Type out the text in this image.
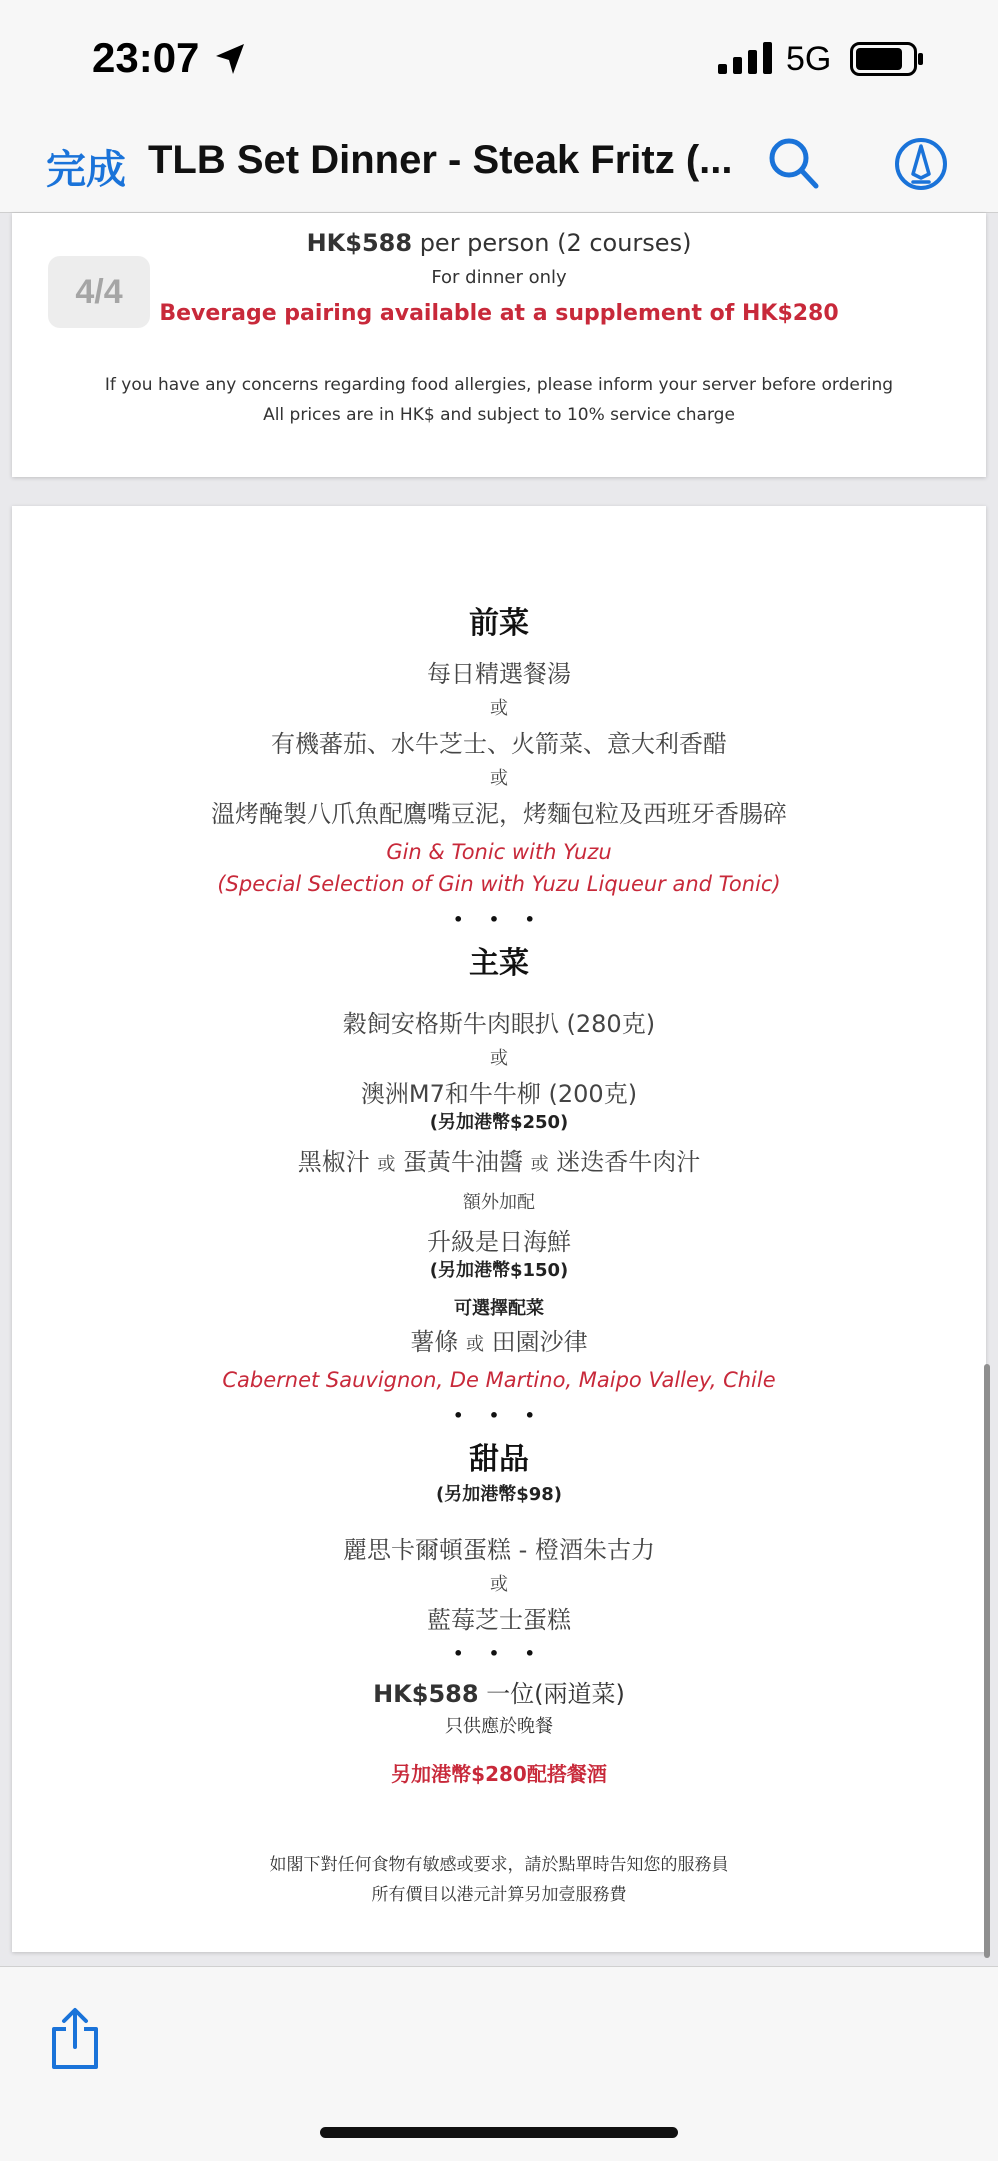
23:07	5G
完成 TLB Set Dinner - Steak Fritz (...
HK$588 per person (2 courses)
For dinner only
Beverage pairing available at a supplement of HK$280
If you have any concerns regarding food allergies, please inform your server before ordering
All prices are in HK$ and subject to 10% service charge
4/4
前菜
每日精選餐湯
或
有機蕃茄、水牛芝士、火箭菜、意大利香醋
或
溫烤醃製八爪魚配鷹嘴豆泥，烤麵包粒及西班牙香腸碎
Gin & Tonic with Yuzu
(Special Selection of Gin with Yuzu Liqueur and Tonic)
• • •
主菜
穀飼安格斯牛肉眼扒 (280克)
或
澳洲M7和牛牛柳 (200克)
(另加港幣$250)
黑椒汁 或 蛋黃牛油醬 或 迷迭香牛肉汁
額外加配
升級是日海鮮
(另加港幣$150)
可選擇配菜
薯條 或 田園沙律
Cabernet Sauvignon, De Martino, Maipo Valley, Chile
• • •
甜品
(另加港幣$98)
麗思卡爾頓蛋糕 - 橙酒朱古力
或
藍莓芝士蛋糕
• • •
HK$588 一位(兩道菜)
只供應於晚餐
另加港幣$280配搭餐酒
如閣下對任何食物有敏感或要求，請於點單時告知您的服務員
所有價目以港元計算另加壹服務費
